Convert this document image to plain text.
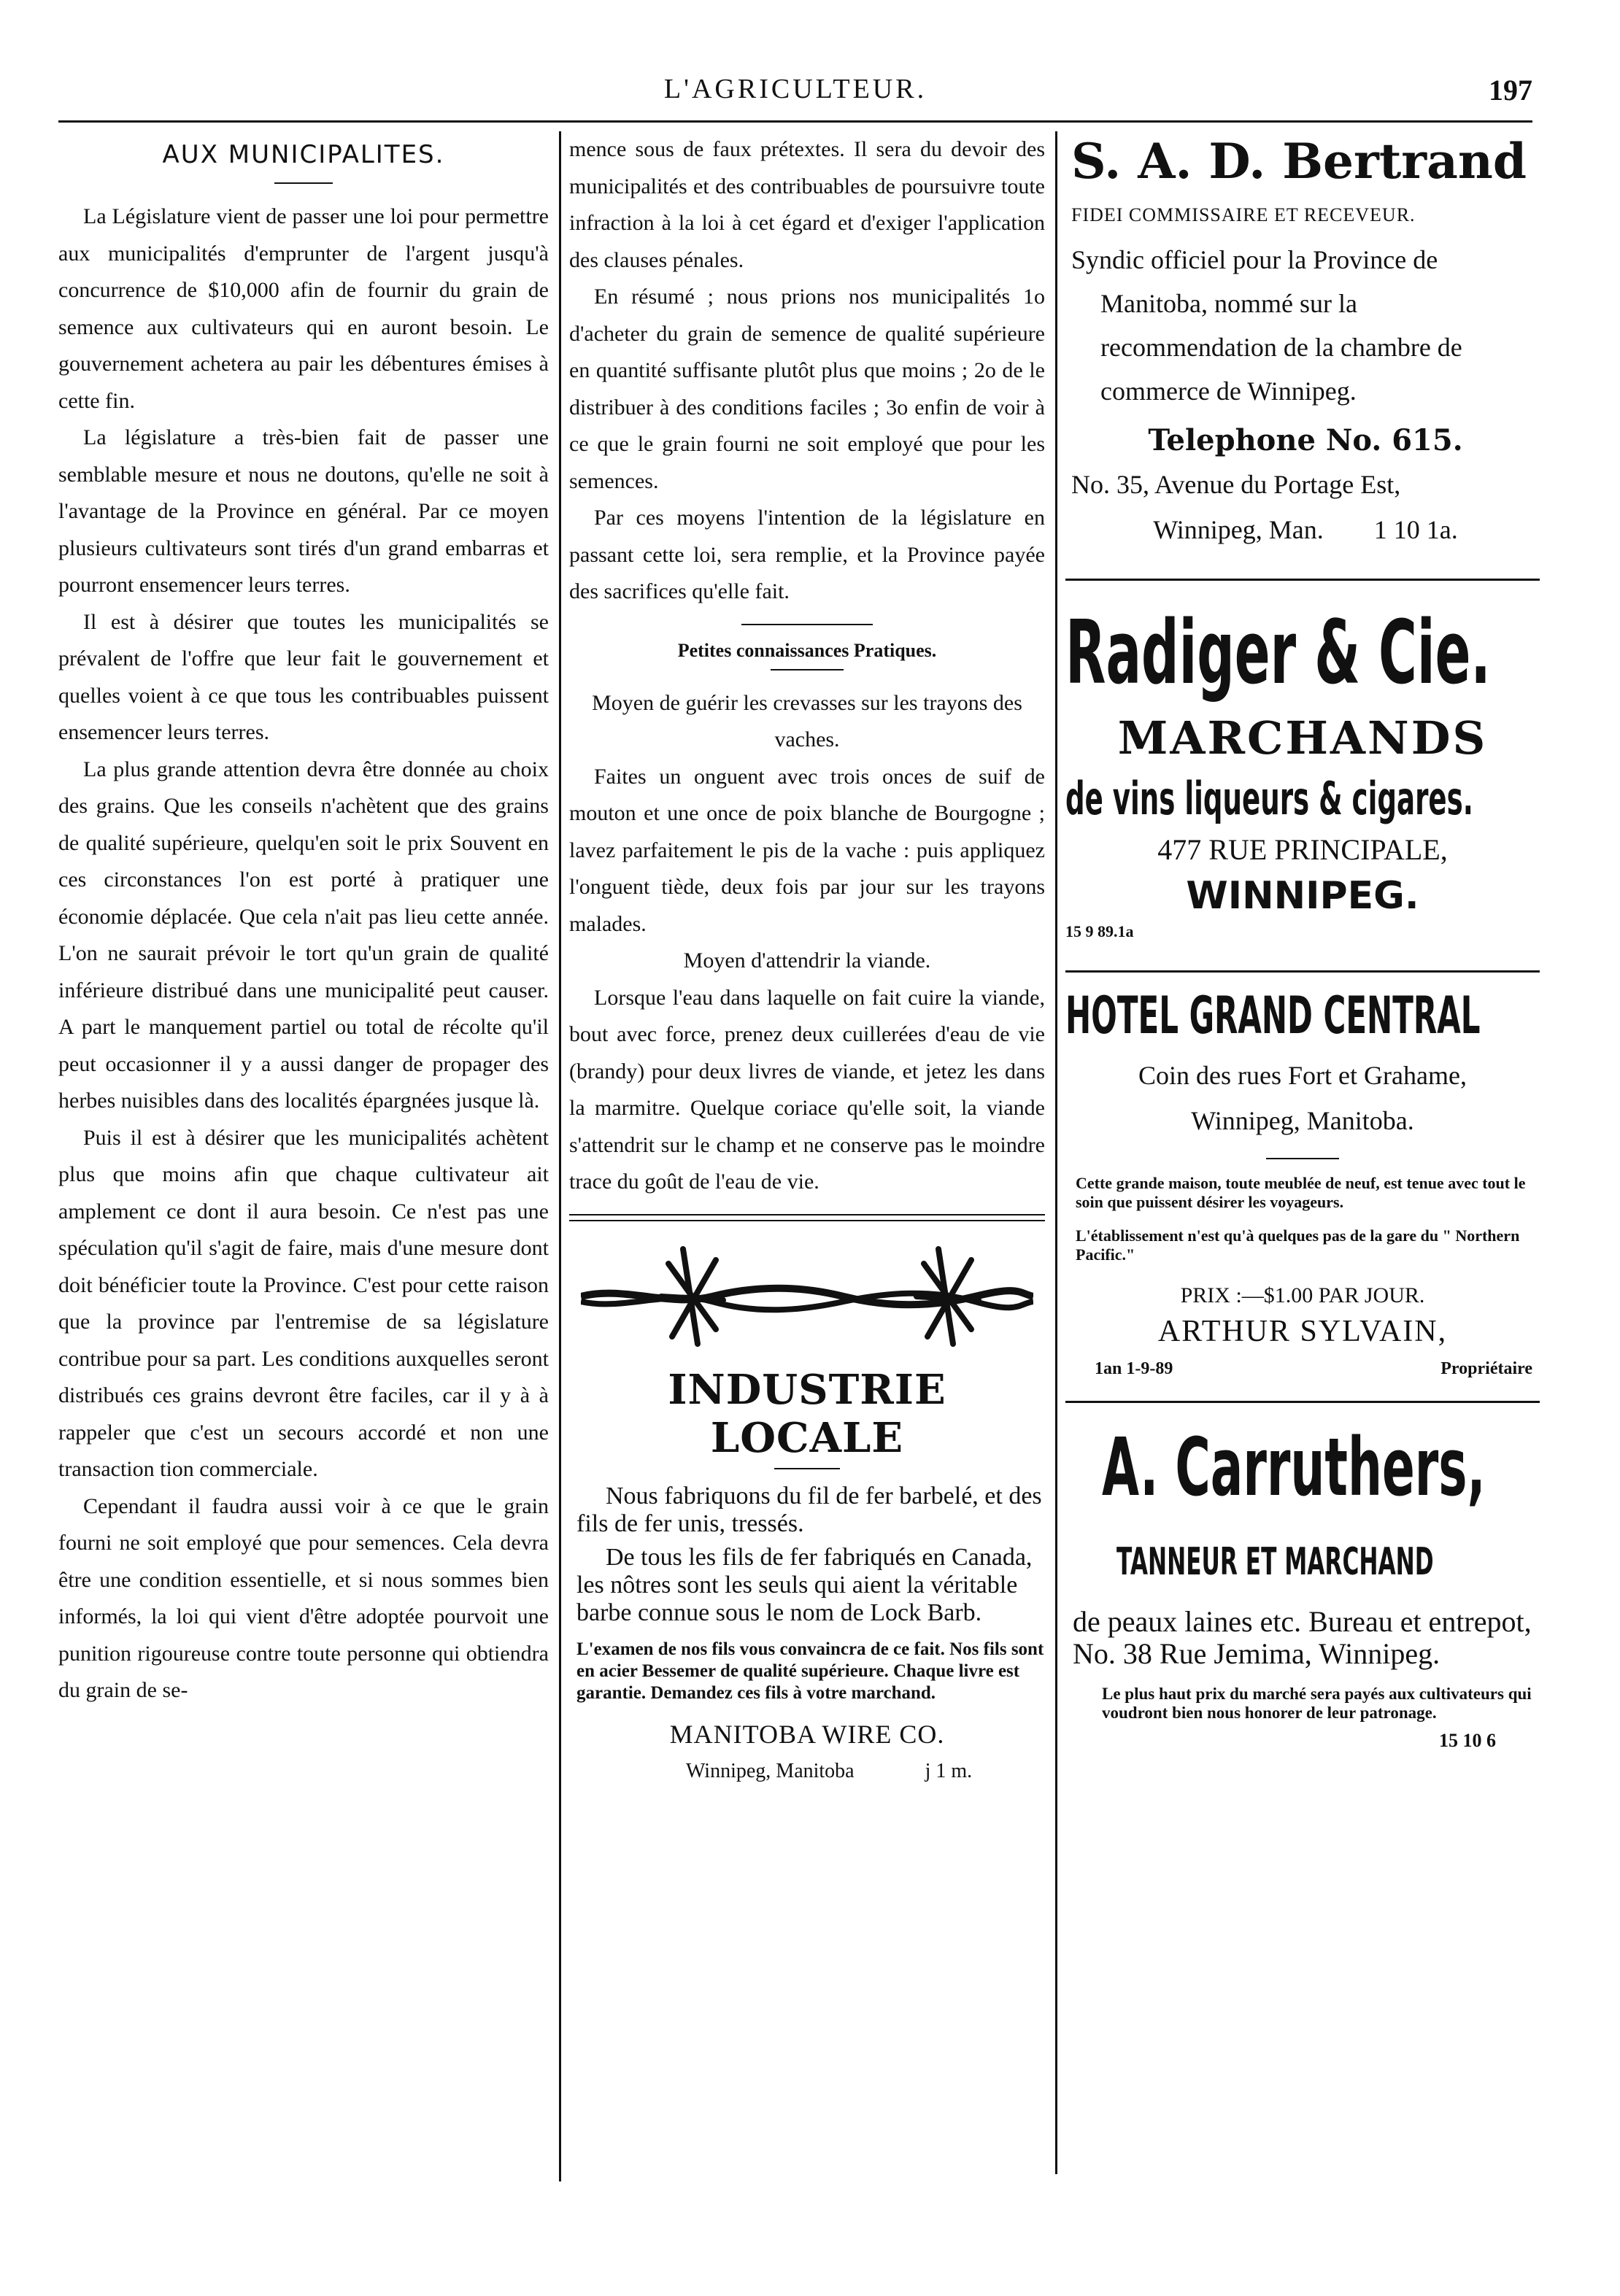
L'AGRICULTEUR.	197
AUX MUNICIPALITES.

La Législature vient de passer une loi pour permettre aux municipalités d'emprunter de l'argent jusqu'à concurrence de $10,000 afin de fournir du grain de semence aux cultivateurs qui en auront besoin. Le gouvernement achetera au pair les débentures émises à cette fin.

La législature a très-bien fait de passer une semblable mesure et nous ne doutons, qu'elle ne soit à l'avantage de la Province en général. Par ce moyen plusieurs cultivateurs sont tirés d'un grand embarras et pourront ensemencer leurs terres.

Il est à désirer que toutes les municipalités se prévalent de l'offre que leur fait le gouvernement et quelles voient à ce que tous les contribuables puissent ensemencer leurs terres.

La plus grande attention devra être donnée au choix des grains. Que les conseils n'achètent que des grains de qualité supérieure, quelqu'en soit le prix Souvent en ces circonstances l'on est porté à pratiquer une économie déplacée. Que cela n'ait pas lieu cette année. L'on ne saurait prévoir le tort qu'un grain de qualité inférieure distribué dans une municipalité peut causer. A part le manquement partiel ou total de récolte qu'il peut occasionner il y a aussi danger de propager des herbes nuisibles dans des localités épargnées jusque là.

Puis il est à désirer que les municipalités achètent plus que moins afin que chaque cultivateur ait amplement ce dont il aura besoin. Ce n'est pas une spéculation qu'il s'agit de faire, mais d'une mesure dont doit bénéficier toute la Province. C'est pour cette raison que la province par l'entremise de sa législature contribue pour sa part. Les conditions auxquelles seront distribués ces grains devront être faciles, car il y à à rappeler que c'est un secours accordé et non une transaction tion commerciale.

Cependant il faudra aussi voir à ce que le grain fourni ne soit employé que pour semences. Cela devra être une condition essentielle, et si nous sommes bien informés, la loi qui vient d'être adoptée pourvoit une punition rigoureuse contre toute personne qui obtiendra du grain de se-

mence sous de faux prétextes. Il sera du devoir des municipalités et des contribuables de poursuivre toute infraction à la loi à cet égard et d'exiger l'application des clauses pénales.

En résumé ; nous prions nos municipalités 1o d'acheter du grain de semence de qualité supérieure en quantité suffisante plutôt plus que moins ; 2o de le distribuer à des conditions faciles ; 3o enfin de voir à ce que le grain fourni ne soit employé que pour les semences.

Par ces moyens l'intention de la législature en passant cette loi, sera remplie, et la Province payée des sacrifices qu'elle fait.

Petites connaissances Pratiques.
Moyen de guérir les crevasses sur les trayons des vaches.

Faites un onguent avec trois onces de suif de mouton et une once de poix blanche de Bourgogne ; lavez parfaitement le pis de la vache : puis appliquez l'onguent tiède, deux fois par jour sur les trayons malades.

Moyen d'attendrir la viande.

Lorsque l'eau dans laquelle on fait cuire la viande, bout avec force, prenez deux cuillerées d'eau de vie (brandy) pour deux livres de viande, et jetez les dans la marmitre. Quelque coriace qu'elle soit, la viande s'attendrit sur le champ et ne conserve pas le moindre trace du goût de l'eau de vie.

INDUSTRIE LOCALE

Nous fabriquons du fil de fer barbelé, et des fils de fer unis, tressés.

De tous les fils de fer fabriqués en Canada, les nôtres sont les seuls qui aient la véritable barbe connue sous le nom de Lock Barb.

L'examen de nos fils vous convaincra de ce fait. Nos fils sont en acier Bessemer de qualité supérieure. Chaque livre est garantie. Demandez ces fils à votre marchand.

MANITOBA WIRE CO.
Winnipeg, Manitoba	j 1 m.
S. A. D. Bertrand
FIDEI COMMISSAIRE ET RECEVEUR.
Syndic officiel pour la Province de Manitoba, nommé sur la recommendation de la chambre de commerce de Winnipeg.
Telephone No. 615.
No. 35, Avenue du Portage Est,
Winnipeg, Man. 1 10 1a.
Radiger & Cie.
MARCHANDS
de vins liqueurs & cigares.
477 RUE PRINCIPALE,
WINNIPEG.
15 9 89.1a
HOTEL GRAND CENTRAL
Coin des rues Fort et Grahame,
Winnipeg, Manitoba.
Cette grande maison, toute meublée de neuf, est tenue avec tout le soin que puissent désirer les voyageurs.
L'établissement n'est qu'à quelques pas de la gare du " Northern Pacific."
PRIX :—$1.00 PAR JOUR.
ARTHUR SYLVAIN,
1an 1-9-89	Propriétaire
A. Carruthers,
TANNEUR ET MARCHAND
de peaux laines etc. Bureau et entrepot, No. 38 Rue Jemima, Winnipeg.
Le plus haut prix du marché sera payés aux cultivateurs qui voudront bien nous honorer de leur patronage.
15 10 6
